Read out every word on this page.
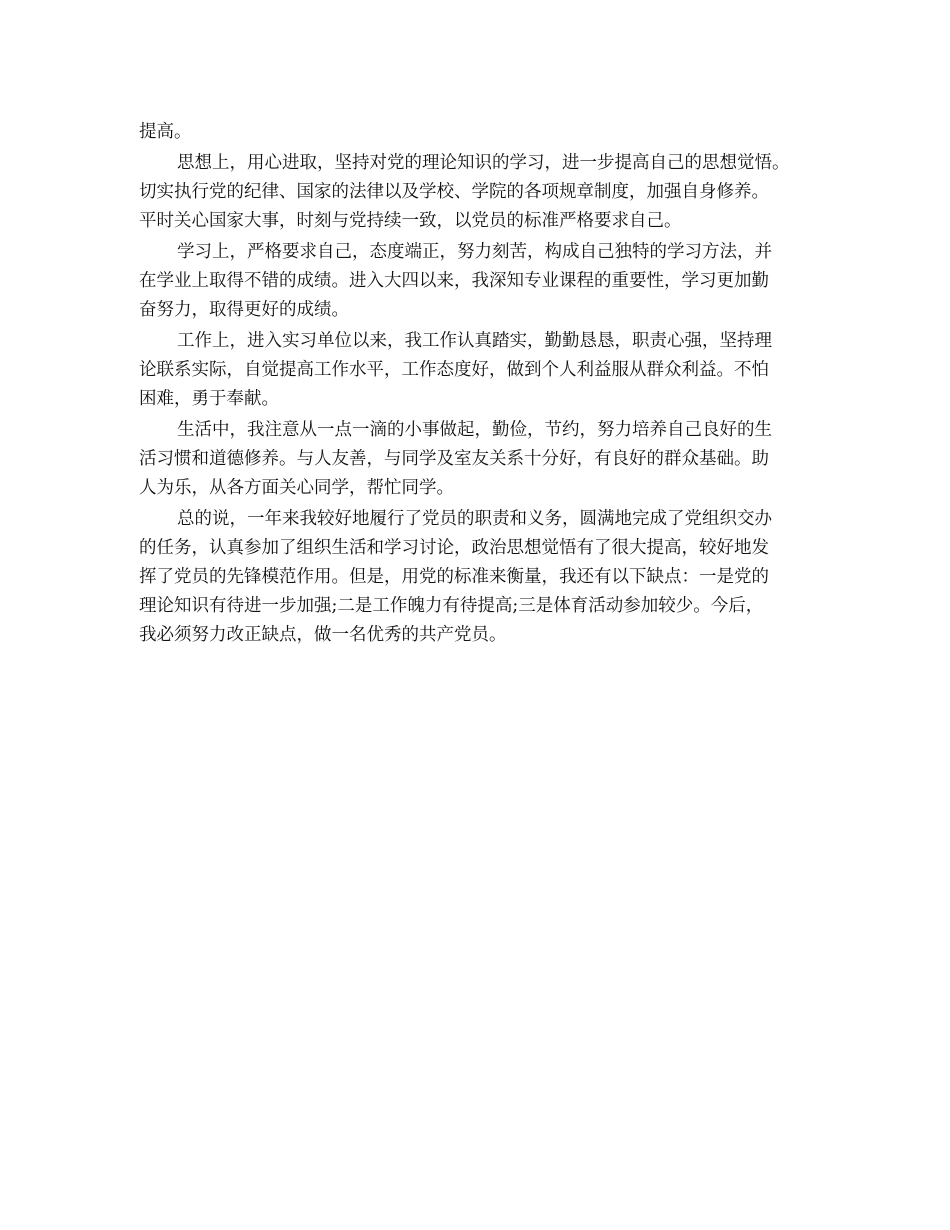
提高。
思想上，用心进取，坚持对党的理论知识的学习，进一步提高自己的思想觉悟。
切实执行党的纪律、国家的法律以及学校、学院的各项规章制度，加强自身修养。
平时关心国家大事，时刻与党持续一致，以党员的标准严格要求自己。
学习上，严格要求自己，态度端正，努力刻苦，构成自己独特的学习方法，并
在学业上取得不错的成绩。进入大四以来，我深知专业课程的重要性，学习更加勤
奋努力，取得更好的成绩。
工作上，进入实习单位以来，我工作认真踏实，勤勤恳恳，职责心强，坚持理
论联系实际，自觉提高工作水平，工作态度好，做到个人利益服从群众利益。不怕
困难，勇于奉献。
生活中，我注意从一点一滴的小事做起，勤俭，节约，努力培养自己良好的生
活习惯和道德修养。与人友善，与同学及室友关系十分好，有良好的群众基础。助
人为乐，从各方面关心同学，帮忙同学。
总的说，一年来我较好地履行了党员的职责和义务，圆满地完成了党组织交办
的任务，认真参加了组织生活和学习讨论，政治思想觉悟有了很大提高，较好地发
挥了党员的先锋模范作用。但是，用党的标准来衡量，我还有以下缺点：一是党的
理论知识有待进一步加强;二是工作魄力有待提高;三是体育活动参加较少。今后，
我必须努力改正缺点，做一名优秀的共产党员。
